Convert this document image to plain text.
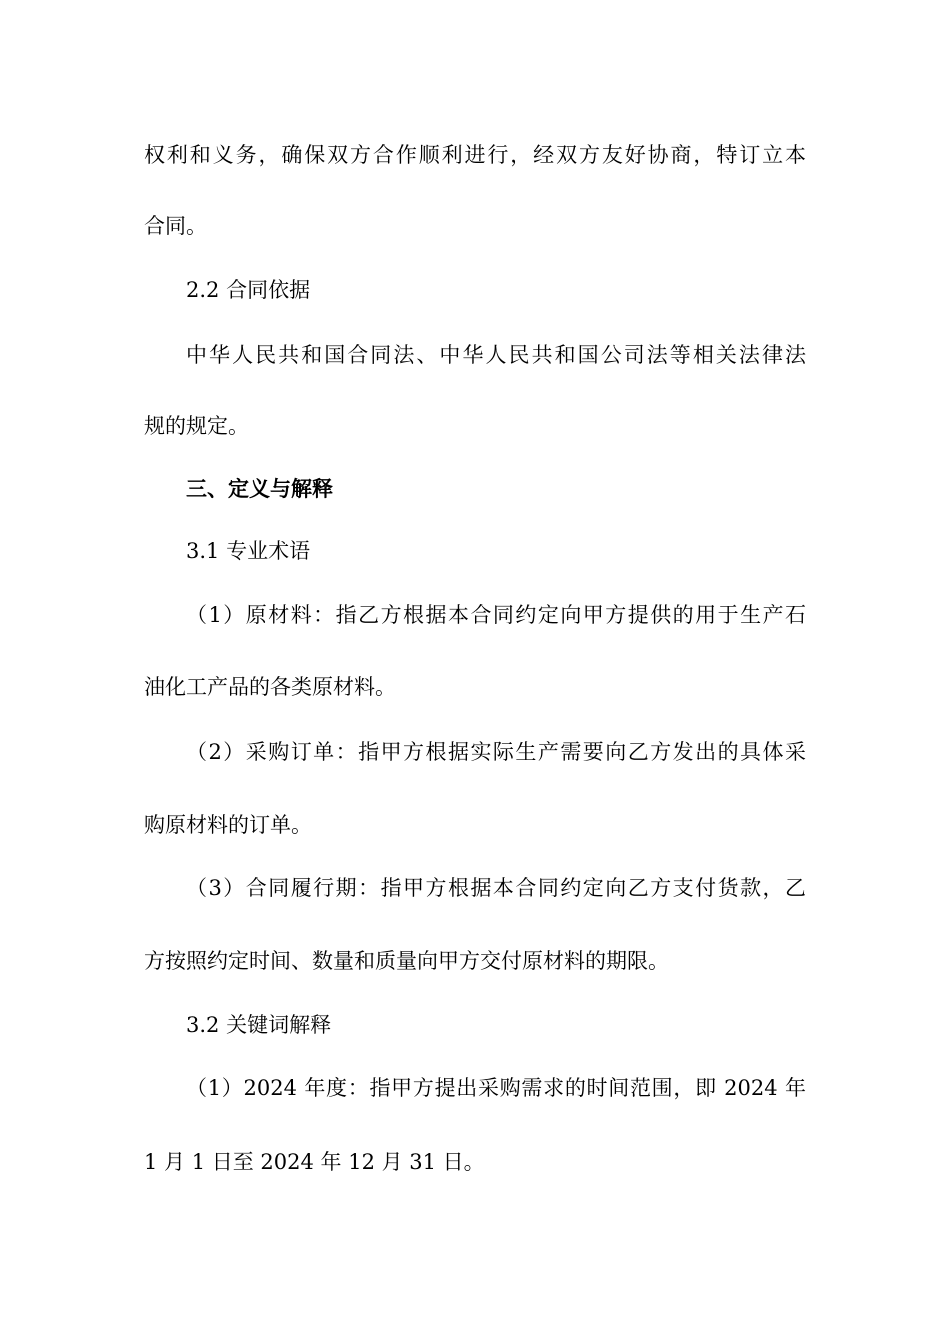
权利和义务，确保双方合作顺利进行，经双方友好协商，特订立本
合同。
2.2 合同依据
中华人民共和国合同法、中华人民共和国公司法等相关法律法
规的规定。
三、定义与解释
3.1 专业术语
（1）原材料：指乙方根据本合同约定向甲方提供的用于生产石
油化工产品的各类原材料。
（2）采购订单：指甲方根据实际生产需要向乙方发出的具体采
购原材料的订单。
（3）合同履行期：指甲方根据本合同约定向乙方支付货款，乙
方按照约定时间、数量和质量向甲方交付原材料的期限。
3.2 关键词解释
（1）2024 年度：指甲方提出采购需求的时间范围，即 2024 年
1 月 1 日至 2024 年 12 月 31 日。
